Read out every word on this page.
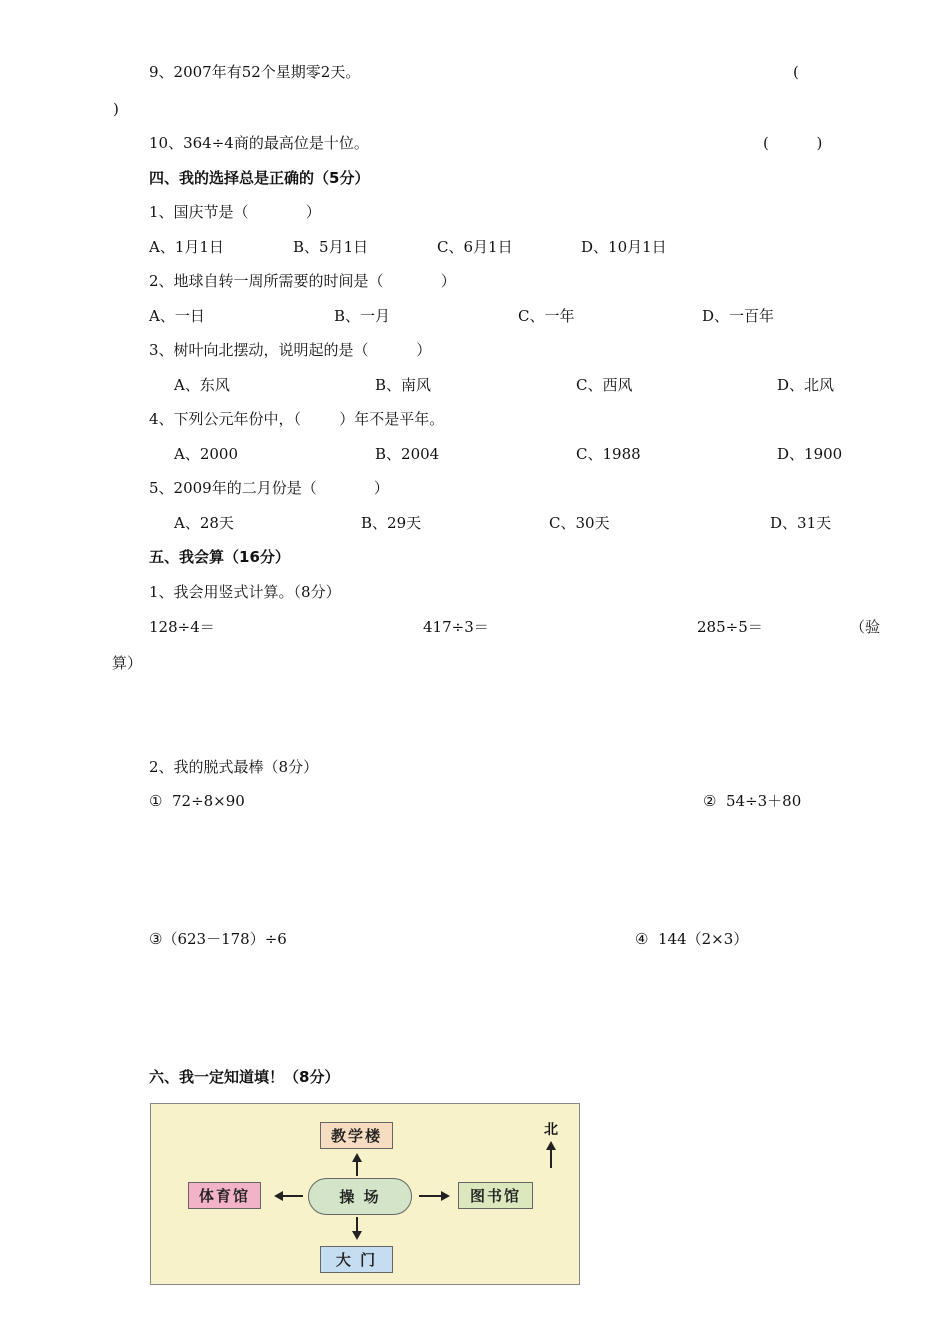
9、2007年有52个星期零2天。	(
)
10、364÷4商的最高位是十位。	(          )
四、我的选择总是正确的（5分）
1、国庆节是（            ）
A、1月1日	B、5月1日	C、6月1日	D、10月1日
2、地球自转一周所需要的时间是（            ）
A、一日	B、一月	C、一年	D、一百年
3、树叶向北摆动，说明起的是（          ）
A、东风	B、南风	C、西风	D、北风
4、下列公元年份中，（        ）年不是平年。
A、2000	B、2004	C、1988	D、1900
5、2009年的二月份是（            ）
A、28天	B、29天	C、30天	D、31天
五、我会算（16分）
1、我会用竖式计算。（8分）
128÷4＝	417÷3＝	285÷5＝	（验
算）
2、我的脱式最棒（8分）
①  72÷8×90	②  54÷3＋80
③（623－178）÷6	④  144（2×3）
六、我一定知道填！（8分）
教学楼
体育馆	操 场	图书馆
大 门
北
